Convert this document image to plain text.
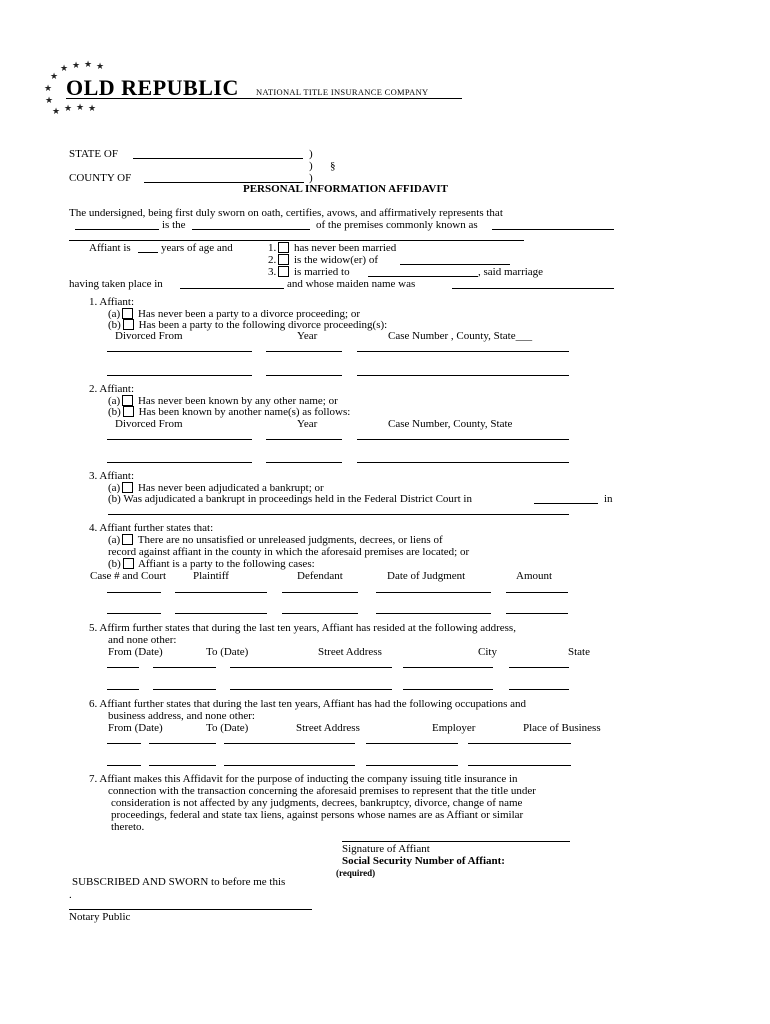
★ ★ ★ ★
★
★
★
★ ★ ★ ★
OLD REPUBLIC NATIONAL TITLE INSURANCE COMPANY
STATE OF	)
) §
COUNTY OF	)
PERSONAL INFORMATION AFFIDAVIT
The undersigned, being first duly sworn on oath, certifies, avows, and affirmatively represents that
is the	of the premises commonly known as
Affiant is	years of age and	1. has never been married
2. is the widow(er) of
3. is married to	, said marriage
having taken place in	and whose maiden name was
1. Affiant:
(a) Has never been a party to a divorce proceeding; or
(b) Has been a party to the following divorce proceeding(s):
Divorced From	Year	Case Number , County, State___
2. Affiant:
(a) Has never been known by any other name; or
(b) Has been known by another name(s) as follows:
Divorced From	Year	Case Number, County, State
3. Affiant:
(a) Has never been adjudicated a bankrupt; or
(b) Was adjudicated a bankrupt in proceedings held in the Federal District Court in	in
4. Affiant further states that:
(a) There are no unsatisfied or unreleased judgments, decrees, or liens of
record against affiant in the county in which the aforesaid premises are located; or
(b) Affiant is a party to the following cases:
Case # and Court Plaintiff	Defendant	Date of Judgment	Amount
5. Affirm further states that during the last ten years, Affiant has resided at the following address,
and none other:
From (Date)	To (Date)	Street Address	City	State
6. Affiant further states that during the last ten years, Affiant has had the following occupations and
business address, and none other:
From (Date)	To (Date)	Street Address	Employer	Place of Business
7. Affiant makes this Affidavit for the purpose of inducting the company issuing title insurance in
connection with the transaction concerning the aforesaid premises to represent that the title under
consideration is not affected by any judgments, decrees, bankruptcy, divorce, change of name
proceedings, federal and state tax liens, against persons whose names are as Affiant or similar
thereto.
Signature of Affiant
Social Security Number of Affiant:
(required)
SUBSCRIBED AND SWORN to before me this
.
Notary Public
